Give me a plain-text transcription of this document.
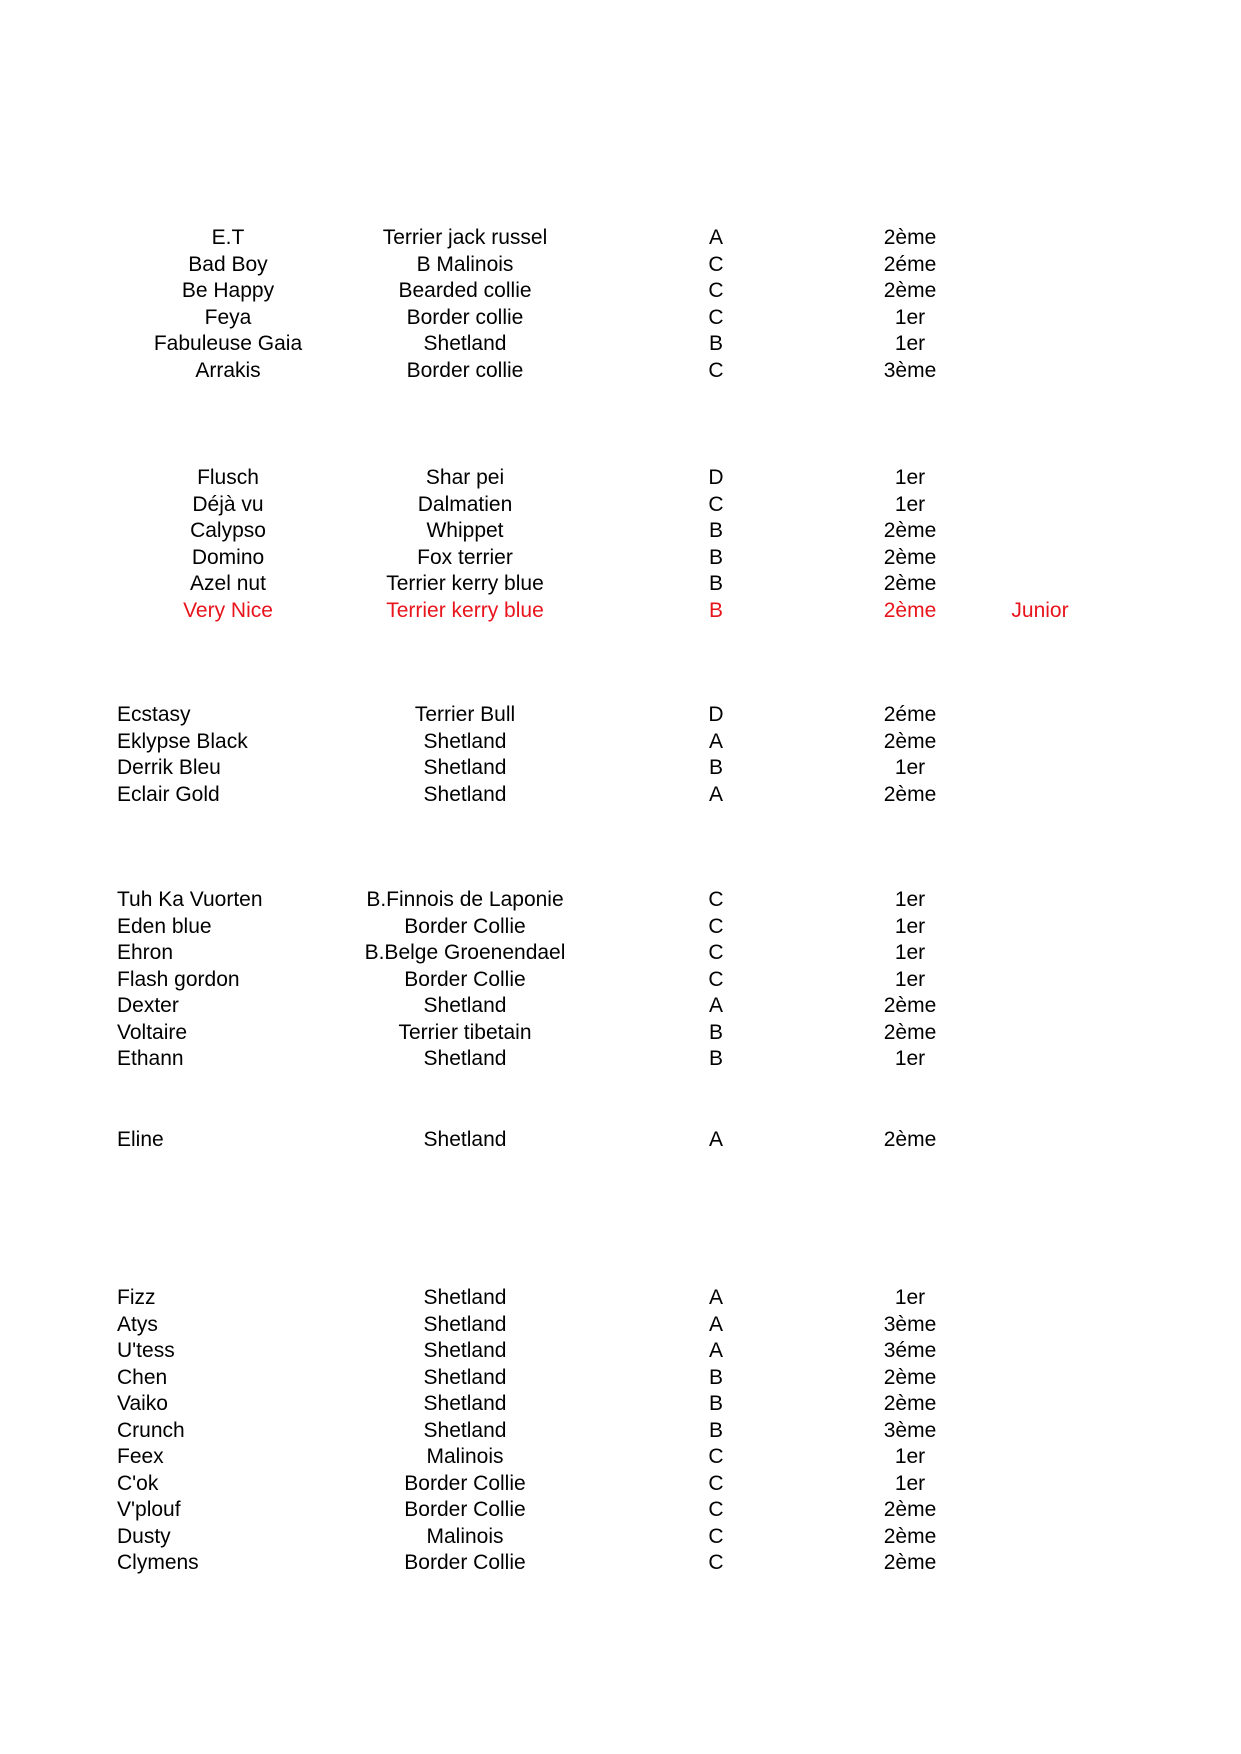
E.T	Terrier jack russel	A	2ème
Bad Boy	B Malinois	C	2éme
Be Happy	Bearded collie	C	2ème
Feya	Border collie	C	1er
Fabuleuse Gaia	Shetland	B	1er
Arrakis	Border collie	C	3ème
Flusch	Shar pei	D	1er
Déjà vu	Dalmatien	C	1er
Calypso	Whippet	B	2ème
Domino	Fox terrier	B	2ème
Azel nut	Terrier kerry blue	B	2ème
Very Nice	Terrier kerry blue	B	2ème	Junior
Ecstasy	Terrier Bull	D	2éme
Eklypse Black	Shetland	A	2ème
Derrik Bleu	Shetland	B	1er
Eclair Gold	Shetland	A	2ème
Tuh Ka Vuorten	B.Finnois de Laponie	C	1er
Eden blue	Border Collie	C	1er
Ehron	B.Belge Groenendael	C	1er
Flash gordon	Border Collie	C	1er
Dexter	Shetland	A	2ème
Voltaire	Terrier tibetain	B	2ème
Ethann	Shetland	B	1er
Eline	Shetland	A	2ème
Fizz	Shetland	A	1er
Atys	Shetland	A	3ème
U'tess	Shetland	A	3éme
Chen	Shetland	B	2ème
Vaiko	Shetland	B	2ème
Crunch	Shetland	B	3ème
Feex	Malinois	C	1er
C'ok	Border Collie	C	1er
V'plouf	Border Collie	C	2ème
Dusty	Malinois	C	2ème
Clymens	Border Collie	C	2ème
